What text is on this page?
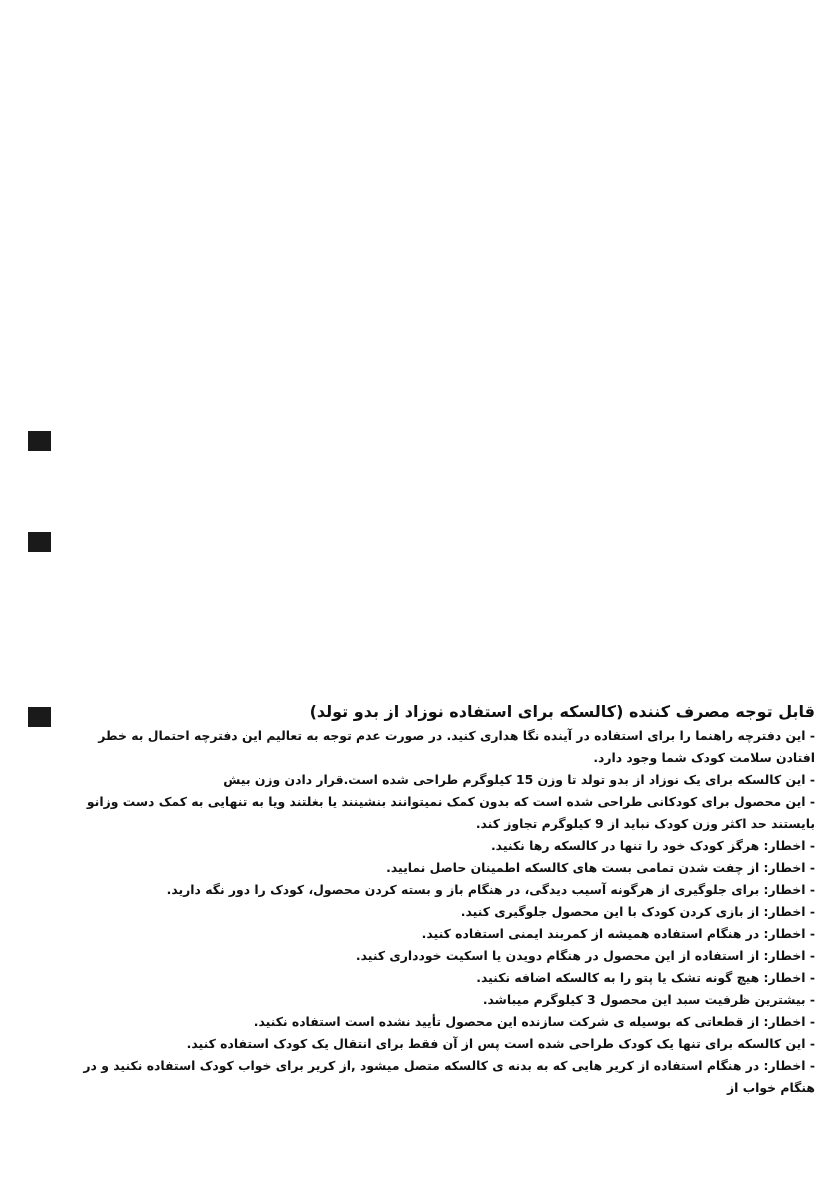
قابل توجه مصرف کننده (کالسکه برای استفاده نوزاد از بدو تولد)

- این دفترچه راهنما را برای استفاده در آینده نگا هداری کنید. در صورت عدم توجه به تعالیم این دفترچه احتمال به خطر افتادن سلامت کودک شما وجود دارد.

- این کالسکه برای یک نوزاد از بدو تولد تا وزن 15 کیلوگرم طراحی شده است.قرار دادن وزن بیش

- این محصول برای کودکانی طراحی شده است که بدون کمک نمیتوانند بنشینند یا بغلتند ویا به تنهایی به کمک دست وزانو بایستند حد اکثر وزن کودک نباید از 9 کیلوگرم تجاوز کند.

- اخطار: هرگز کودک خود را تنها در کالسکه رها نکنید.

- اخطار: از چفت شدن تمامی بست های کالسکه اطمینان حاصل نمایید.

- اخطار: برای جلوگیری از هرگونه آسیب دیدگی، در هنگام باز و بسته کردن محصول، کودک را دور نگه دارید.

- اخطار: از بازی کردن کودک با این محصول جلوگیری کنید.

- اخطار: در هنگام استفاده همیشه از کمربند ایمنی استفاده کنید.

- اخطار: از استفاده از این محصول در هنگام دویدن یا اسکیت خودداری کنید.

- اخطار: هیچ گونه تشک یا پتو را به کالسکه اضافه نکنید.

- بیشترین ظرفیت سبد این محصول 3 کیلوگرم میباشد.

- اخطار: از قطعاتی که بوسیله ی شرکت سازنده این محصول تأیید نشده است استفاده نکنید.

- این کالسکه برای تنها یک کودک طراحی شده است پس از آن فقط برای انتقال یک کودک استفاده کنید.

- اخطار: در هنگام استفاده از کریر هایی که به بدنه ی کالسکه متصل میشود ,از کریر برای خواب کودک استفاده نکنید و در هنگام خواب از
